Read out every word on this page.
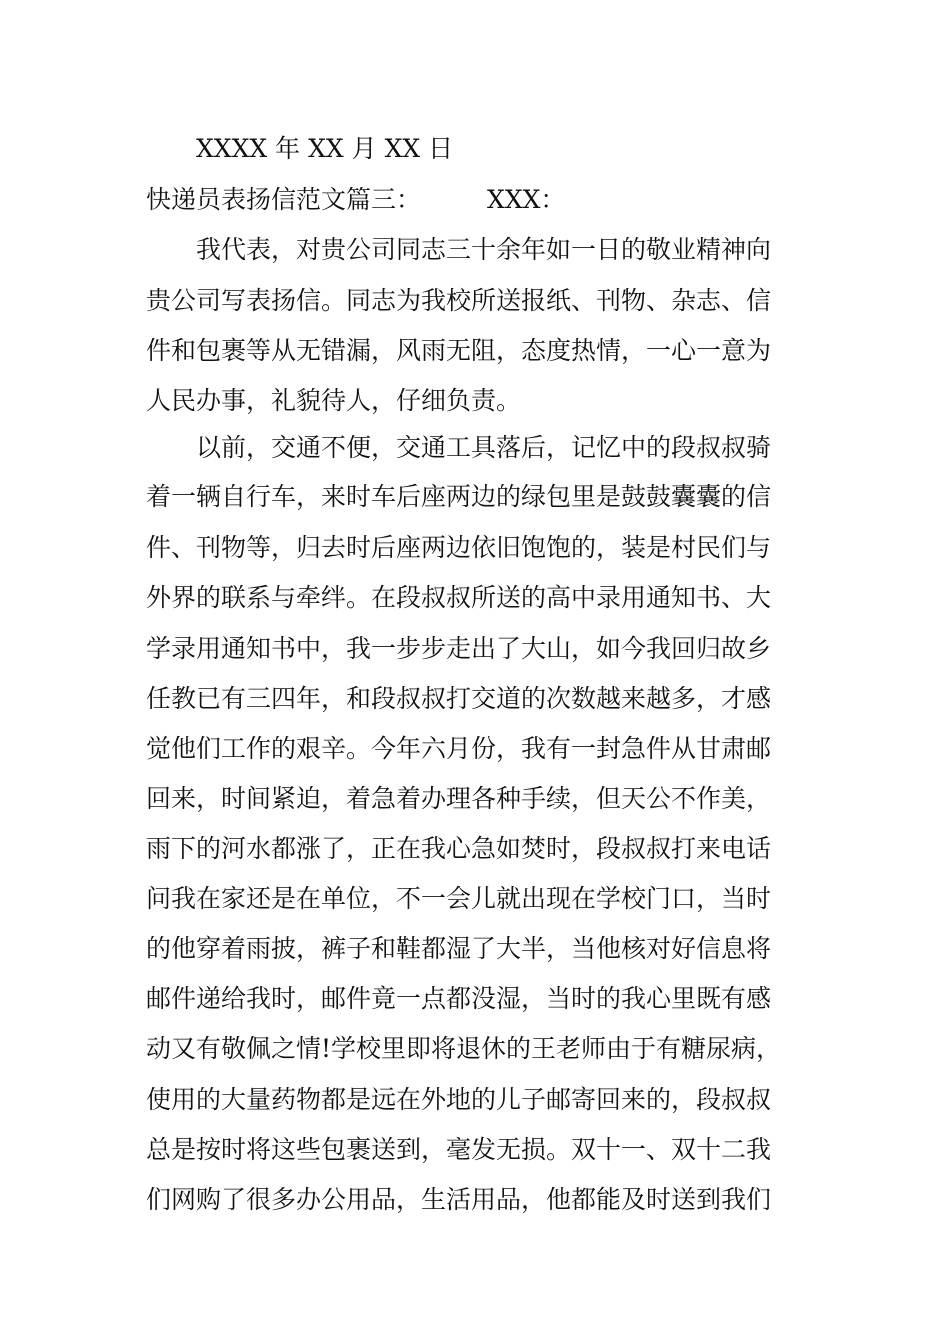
XXXX 年 XX 月 XX 日
快递员表扬信范文篇三：	XXX：
我代表，对贵公司同志三十余年如一日的敬业精神向
贵公司写表扬信。同志为我校所送报纸、刊物、杂志、信
件和包裹等从无错漏，风雨无阻，态度热情，一心一意为
人民办事，礼貌待人，仔细负责。
以前，交通不便，交通工具落后，记忆中的段叔叔骑
着一辆自行车，来时车后座两边的绿包里是鼓鼓囊囊的信
件、刊物等，归去时后座两边依旧饱饱的，装是村民们与
外界的联系与牵绊。在段叔叔所送的高中录用通知书、大
学录用通知书中，我一步步走出了大山，如今我回归故乡
任教已有三四年，和段叔叔打交道的次数越来越多，才感
觉他们工作的艰辛。今年六月份，我有一封急件从甘肃邮
回来，时间紧迫，着急着办理各种手续，但天公不作美，
雨下的河水都涨了，正在我心急如焚时，段叔叔打来电话
问我在家还是在单位，不一会儿就出现在学校门口，当时
的他穿着雨披，裤子和鞋都湿了大半，当他核对好信息将
邮件递给我时，邮件竟一点都没湿，当时的我心里既有感
动又有敬佩之情!学校里即将退休的王老师由于有糖尿病，
使用的大量药物都是远在外地的儿子邮寄回来的，段叔叔
总是按时将这些包裹送到，毫发无损。双十一、双十二我
们网购了很多办公用品，生活用品，他都能及时送到我们
